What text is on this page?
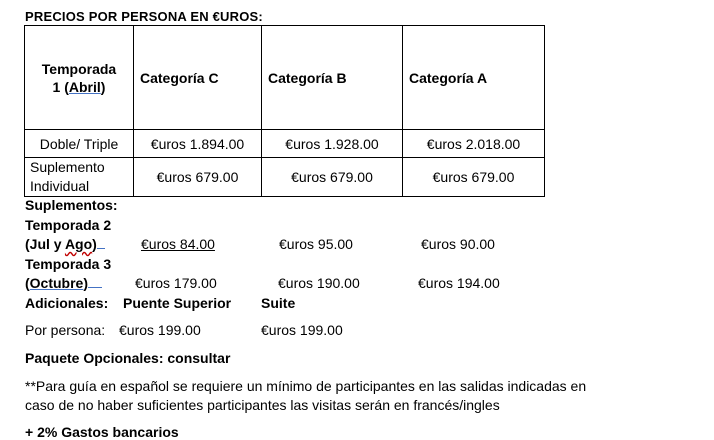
PRECIOS POR PERSONA EN €UROS:
Temporada
1 (Abril)	Categoría C	Categoría B	Categoría A
Doble/ Triple	€uros 1.894.00	€uros 1.928.00	€uros 2.018.00

Suplemento
Individual	€uros 679.00	€uros 679.00	€uros 679.00
Suplementos:
Temporada 2
(Jul y Ago)	€uros 84.00	€uros 95.00	€uros 90.00
Temporada 3
(Octubre)	€uros 179.00	€uros 190.00	€uros 194.00
Adicionales: Puente Superior Suite
Por persona: €uros 199.00	€uros 199.00
Paquete Opcionales: consultar
**Para guía en español se requiere un mínimo de participantes en las salidas indicadas en
caso de no haber suficientes participantes las visitas serán en francés/ingles
+ 2% Gastos bancarios
